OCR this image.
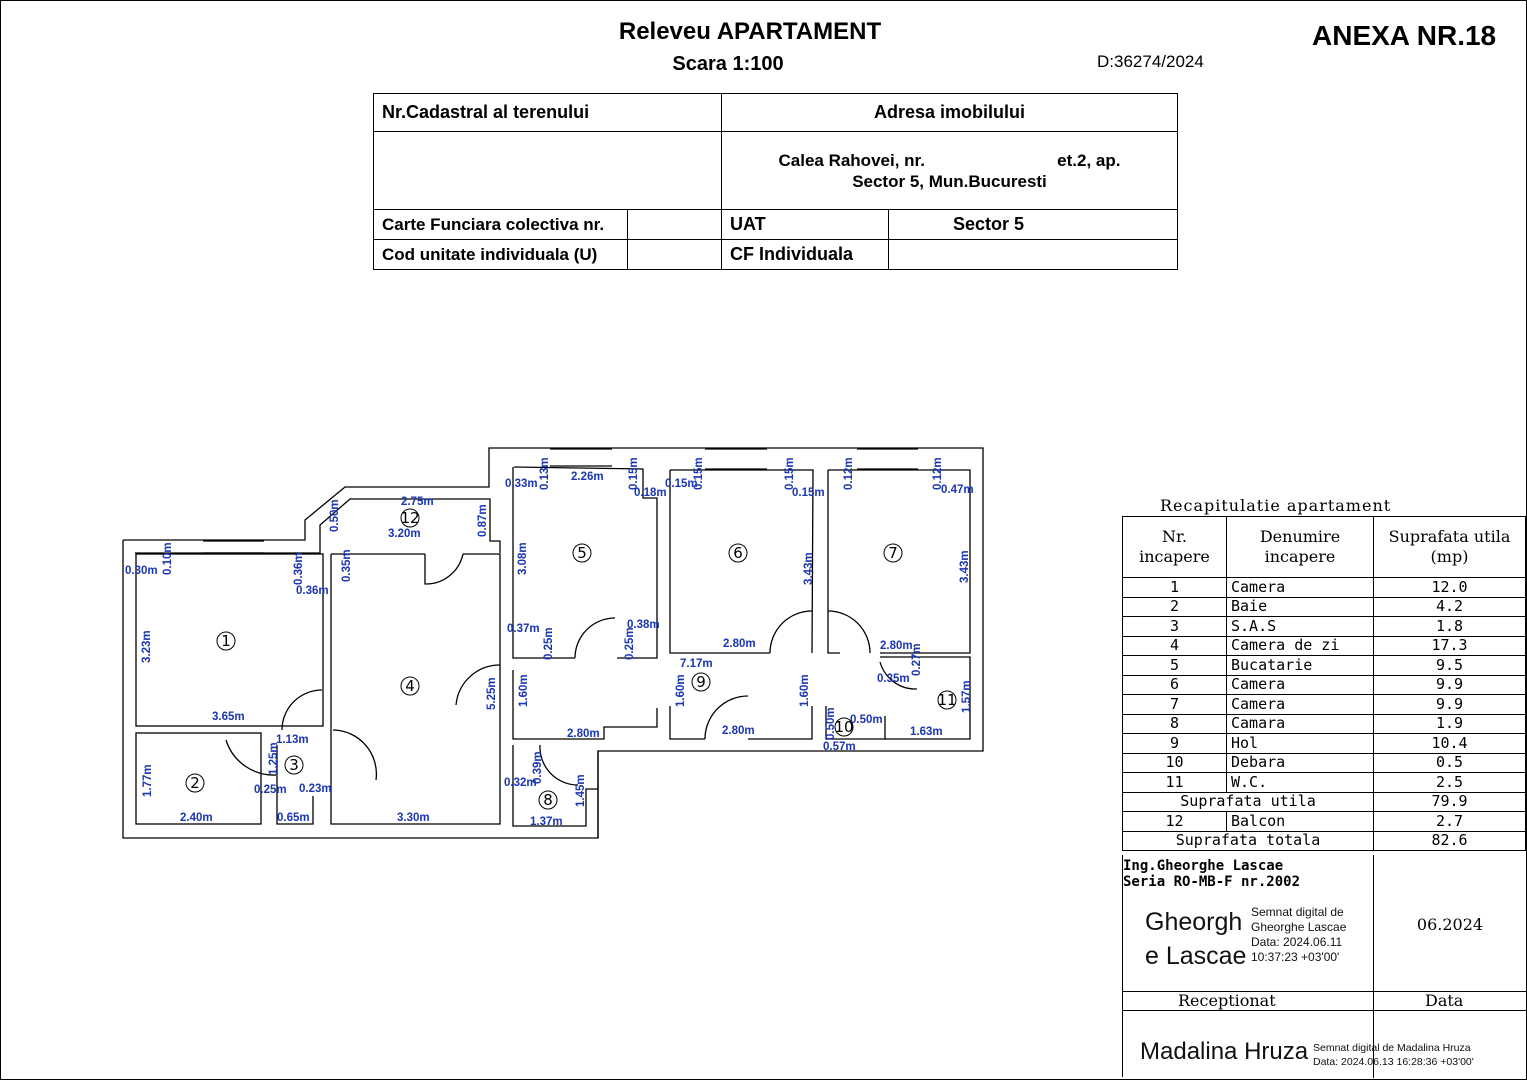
Releveu APARTAMENT
Scara 1:100	D:36274/2024
ANEXA NR.18
Nr.Cadastral al terenului	Adresa imobilului	

	Calea Rahovei, nr.                            et.2, ap.
Sector 5, Mun.Bucuresti	

Carte Funciara colectiva nr.	UAT	Sector 5
Cod unitate individuala (U)	CF Individuala	
1
2
3
4
5	6	7
8
9
10
11
12
0.30m 0.10m	0.36m
0.36m
0.35m
0.50m	2.75m
3.20m	0.87m
0.33m 0.13m 2.26m 0.15m
0.18m
0.15m
0.15m	0.15m
0.15m
0.12m	0.12m
0.47m
3.23m
3.65m
3.08m	3.43m	3.43m
0.37m 0.25m	0.25m
0.38m
2.80m	2.80m
7.17m
5.25m 1.60m	1.60m	1.60m	0.35m
0.27m
1.57m
2.80m	2.80m	0.50m 0.50m
0.57m
1.63m
1.13m
1.25m
0.25m 0.23m
1.77m
2.40m	0.65m	3.30m
0.39m
0.32m	1.45m
1.37m
Recapitulatie apartament
Nr. incapere	Denumire incapere	Suprafata utila (mp)
1	Camera	12.0
2	Baie	4.2
3	S.A.S	1.8
4	Camera de zi	17.3
5	Bucatarie	9.5
6	Camera	9.9
7	Camera	9.9
8	Camara	1.9
9	Hol	10.4
10	Debara	0.5
11	W.C.	2.5
Suprafata utila		79.9
12	Balcon	2.7
Suprafata totala		82.6
Ing.Gheorghe Lascae
Seria RO-MB-F nr.2002
Gheorgh
e Lascae
Semnat digital de
Gheorghe Lascae
Data: 2024.06.11
10:37:23 +03'00'
06.2024
Receptionat	Data
Madalina Hruza Semnat digital de Madalina Hruza
Data: 2024.06.13 16:28:36 +03'00'
